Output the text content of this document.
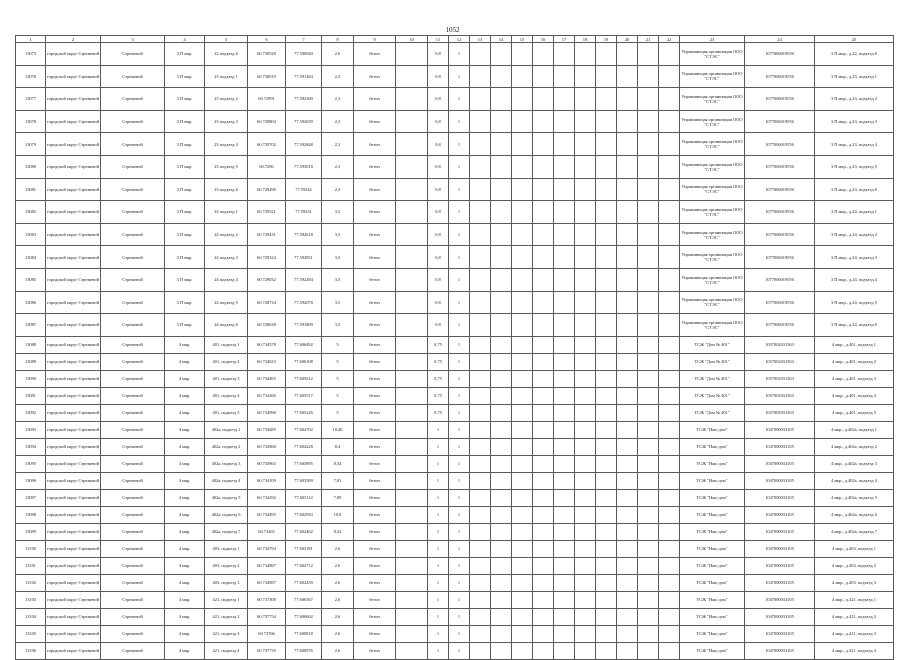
1052
1	2	3	4	5	6	7	8	9	10	11	12	13	14	15	16	17	18	19	20	21	22	23	24	25
13073	городской округ Стрежевой	Стрежевой	3 П мкр.	22 подъезд 6	60.730528	77.590040	2,6	бетон		0,8	1											Управляющая организация ООО "СТЭС"	1077006019556	3 П мкр., д.22, подъезд 6
13076	городской округ Стрежевой	Стрежевой	3 П мкр.	23 подъезд 1	60.730019	77.591284	2,3	бетон		0,8	1											Управляющая организация ООО "СТЭС"	1077006019556	3 П мкр., д.23, подъезд 1
13077	городской округ Стрежевой	Стрежевой	3 П мкр.	23 подъезд 2	60.72991	77.592369	2,3	бетон		0,8	1											Управляющая организация ООО "СТЭС"	1077006019556	3 П мкр., д.23, подъезд 2
13078	городской округ Стрежевой	Стрежевой	3 П мкр.	23 подъезд 3	60.729804	77.592659	2,3	бетон		0,8	1											Управляющая организация ООО "СТЭС"	1077006019556	3 П мкр., д.23, подъезд 3
13079	городской округ Стрежевой	Стрежевой	3 П мкр.	23 подъезд 4	60.729702	77.592848	2,3	бетон		0,8	1											Управляющая организация ООО "СТЭС"	1077006019556	3 П мкр., д.23, подъезд 4
13080	городской округ Стрежевой	Стрежевой	3 П мкр.	23 подъезд 5	60.7296	77.593018	2,3	бетон		0,8	1											Управляющая организация ООО "СТЭС"	1077006019556	3 П мкр., д.23, подъезд 5
13081	городской округ Стрежевой	Стрежевой	3 П мкр.	23 подъезд 6	60.729496	77.59342	2,3	бетон		0,8	1											Управляющая организация ООО "СТЭС"	1077006019556	3 П мкр., д.23, подъезд 6
13082	городской округ Стрежевой	Стрежевой	3 П мкр.	24 подъезд 1	60.729521	77.59231	3,5	бетон		0,8	1											Управляющая организация ООО "СТЭС"	1077006019556	3 П мкр., д.24, подъезд 1
13083	городской округ Стрежевой	Стрежевой	3 П мкр.	24 подъезд 2	60.729431	77.592618	3,5	бетон		0,8	1											Управляющая организация ООО "СТЭС"	1077006019556	3 П мкр., д.24, подъезд 2
13084	городской округ Стрежевой	Стрежевой	3 П мкр.	24 подъезд 3	60.729324	77.592851	3,5	бетон		0,8	1											Управляющая организация ООО "СТЭС"	1077006019556	3 П мкр., д.24, подъезд 3
13085	городской округ Стрежевой	Стрежевой	3 П мкр.	24 подъезд 4	60.729032	77.592284	3,5	бетон		0,8	1											Управляющая организация ООО "СТЭС"	1077006019556	3 П мкр., д.24, подъезд 4
13086	городской округ Стрежевой	Стрежевой	3 П мкр.	24 подъезд 5	60.728734	77.592078	3,5	бетон		0,8	1											Управляющая организация ООО "СТЭС"	1077006019556	3 П мкр., д.24, подъезд 5
13087	городской округ Стрежевой	Стрежевой	3 П мкр.	24 подъезд 6	60.728638	77.591809	3,5	бетон		0,8	1											Управляющая организация ООО "СТЭС"	1077006019556	3 П мкр., д.24, подъезд 6
13088	городской округ Стрежевой	Стрежевой	4 мкр.	401, подъезд 1	60.734578	77.606492	5	бетон		0,75	1											ТСЖ "Дом № 401"	1057002031563	4 мкр., д.401, подъезд 1
13089	городской округ Стрежевой	Стрежевой	4 мкр.	401, подъезд 2	60.734633	77.606108	5	бетон		0,75	1											ТСЖ "Дом № 401"	1057002031563	4 мкр., д.401, подъезд 2
13090	городской округ Стрежевой	Стрежевой	4 мкр.	401, подъезд 3	60.734465	77.605612	5	бетон		0,75	1											ТСЖ "Дом № 401"	1057002031563	4 мкр., д.401, подъезд 3
13091	городской округ Стрежевой	Стрежевой	4 мкр.	401, подъезд 4	60.734266	77.605517	5	бетон		0,75	1											ТСЖ "Дом № 401"	1057002031563	4 мкр., д.401, подъезд 4
13092	городской округ Стрежевой	Стрежевой	4 мкр.	401, подъезд 5	60.734096	77.605226	5	бетон		0,75	1											ТСЖ "Дом № 401"	1057002031563	4 мкр., д.401, подъезд 5
13093	городской округ Стрежевой	Стрежевой	4 мкр.	402а, подъезд 1	60.733685	77.604702	10,46	бетон		1	1											ТСЖ "Наш дом"	1047000033105	4 мкр., д.402а, подъезд 1
13094	городской округ Стрежевой	Стрежевой	4 мкр.	402а, подъезд 2	60.733868	77.604228	8,4	бетон		1	1											ТСЖ "Наш дом"	1047000033105	4 мкр., д.402а, подъезд 2
13095	городской округ Стрежевой	Стрежевой	4 мкр.	402а, подъезд 3	60.733963	77.603895	8,54	бетон		1	1											ТСЖ "Наш дом"	1047000033105	4 мкр., д.402а, подъезд 3
13096	городской округ Стрежевой	Стрежевой	4 мкр.	402а, подъезд 4	60.734109	77.603589	7,81	бетон		1	1											ТСЖ "Наш дом"	1047000033105	4 мкр., д.402а, подъезд 4
13097	городской округ Стрежевой	Стрежевой	4 мкр.	402а, подъезд 5	60.734292	77.603114	7,89	бетон		1	1											ТСЖ "Наш дом"	1047000033105	4 мкр., д.402а, подъезд 5
13098	городской округ Стрежевой	Стрежевой	4 мкр.	402а, подъезд 6	60.734495	77.602933	10,8	бетон		1	1											ТСЖ "Наш дом"	1047000033105	4 мкр., д.402а, подъезд 6
13099	городской округ Стрежевой	Стрежевой	4 мкр.	402а, подъезд 7	60.73465	77.602462	8,52	бетон		1	1											ТСЖ "Наш дом"	1047000033105	4 мкр., д.402а, подъезд 7
13100	городской округ Стрежевой	Стрежевой	4 мкр.	403, подъезд 1	60.734794	77.603181	2,6	бетон		1	1											ТСЖ "Наш дом"	1047000033105	4 мкр., д.403, подъезд 1
13101	городской округ Стрежевой	Стрежевой	4 мкр.	403, подъезд 2	60.734867	77.602712	2,6	бетон		1	1											ТСЖ "Наш дом"	1047000033105	4 мкр., д.403, подъезд 2
13102	городской округ Стрежевой	Стрежевой	4 мкр.	403, подъезд 3	60.734987	77.602439	2,6	бетон		1	1											ТСЖ "Наш дом"	1047000033105	4 мкр., д.403, подъезд 3
13103	городской округ Стрежевой	Стрежевой	4 мкр.	421, подъезд 1	60.737508	77.600367	2,6	бетон		1	1											ТСЖ "Наш дом"	1047000033105	4 мкр., д.421, подъезд 1
13104	городской округ Стрежевой	Стрежевой	4 мкр.	421, подъезд 2	60.737754	77.600602	2,6	бетон		1	1											ТСЖ "Наш дом"	1047000033105	4 мкр., д.421, подъезд 2
13105	городской округ Стрежевой	Стрежевой	4 мкр.	421, подъезд 3	60.73766	77.600818	2,6	бетон		1	1											ТСЖ "Наш дом"	1047000033105	4 мкр., д.421, подъезд 3
13106	городской округ Стрежевой	Стрежевой	4 мкр.	421, подъезд 4	60.737735	77.600976	2,6	бетон		1	1											ТСЖ "Наш дом"	1047000033105	4 мкр., д.421, подъезд 4
